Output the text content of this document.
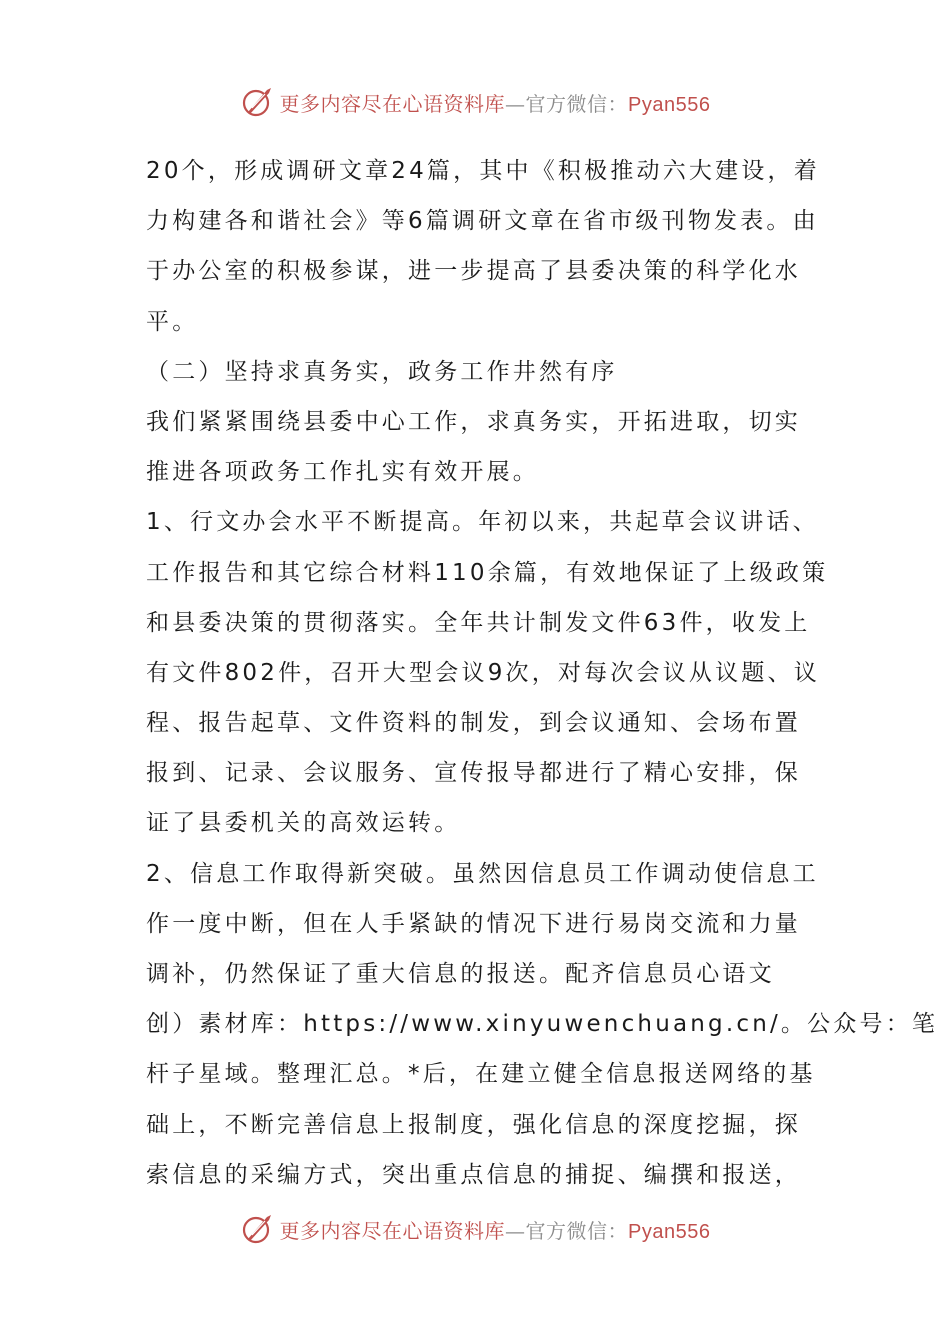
更多内容尽在心语资料库—官方微信：Pyan556
20个，形成调研文章24篇，其中《积极推动六大建设，着
力构建各和谐社会》等6篇调研文章在省市级刊物发表。由
于办公室的积极参谋，进一步提高了县委决策的科学化水
平。
（二）坚持求真务实，政务工作井然有序
我们紧紧围绕县委中心工作，求真务实，开拓进取，切实
推进各项政务工作扎实有效开展。
1、行文办会水平不断提高。年初以来，共起草会议讲话、
工作报告和其它综合材料110余篇，有效地保证了上级政策
和县委决策的贯彻落实。全年共计制发文件63件，收发上
有文件802件，召开大型会议9次，对每次会议从议题、议
程、报告起草、文件资料的制发，到会议通知、会场布置
报到、记录、会议服务、宣传报导都进行了精心安排，保
证了县委机关的高效运转。
2、信息工作取得新突破。虽然因信息员工作调动使信息工
作一度中断，但在人手紧缺的情况下进行易岗交流和力量
调补，仍然保证了重大信息的报送。配齐信息员心语文
创）素材库：https://www.xinyuwenchuang.cn/。公众号：笔
杆子星域。整理汇总。*后，在建立健全信息报送网络的基
础上，不断完善信息上报制度，强化信息的深度挖掘，探
索信息的采编方式，突出重点信息的捕捉、编撰和报送，
更多内容尽在心语资料库—官方微信：Pyan556
